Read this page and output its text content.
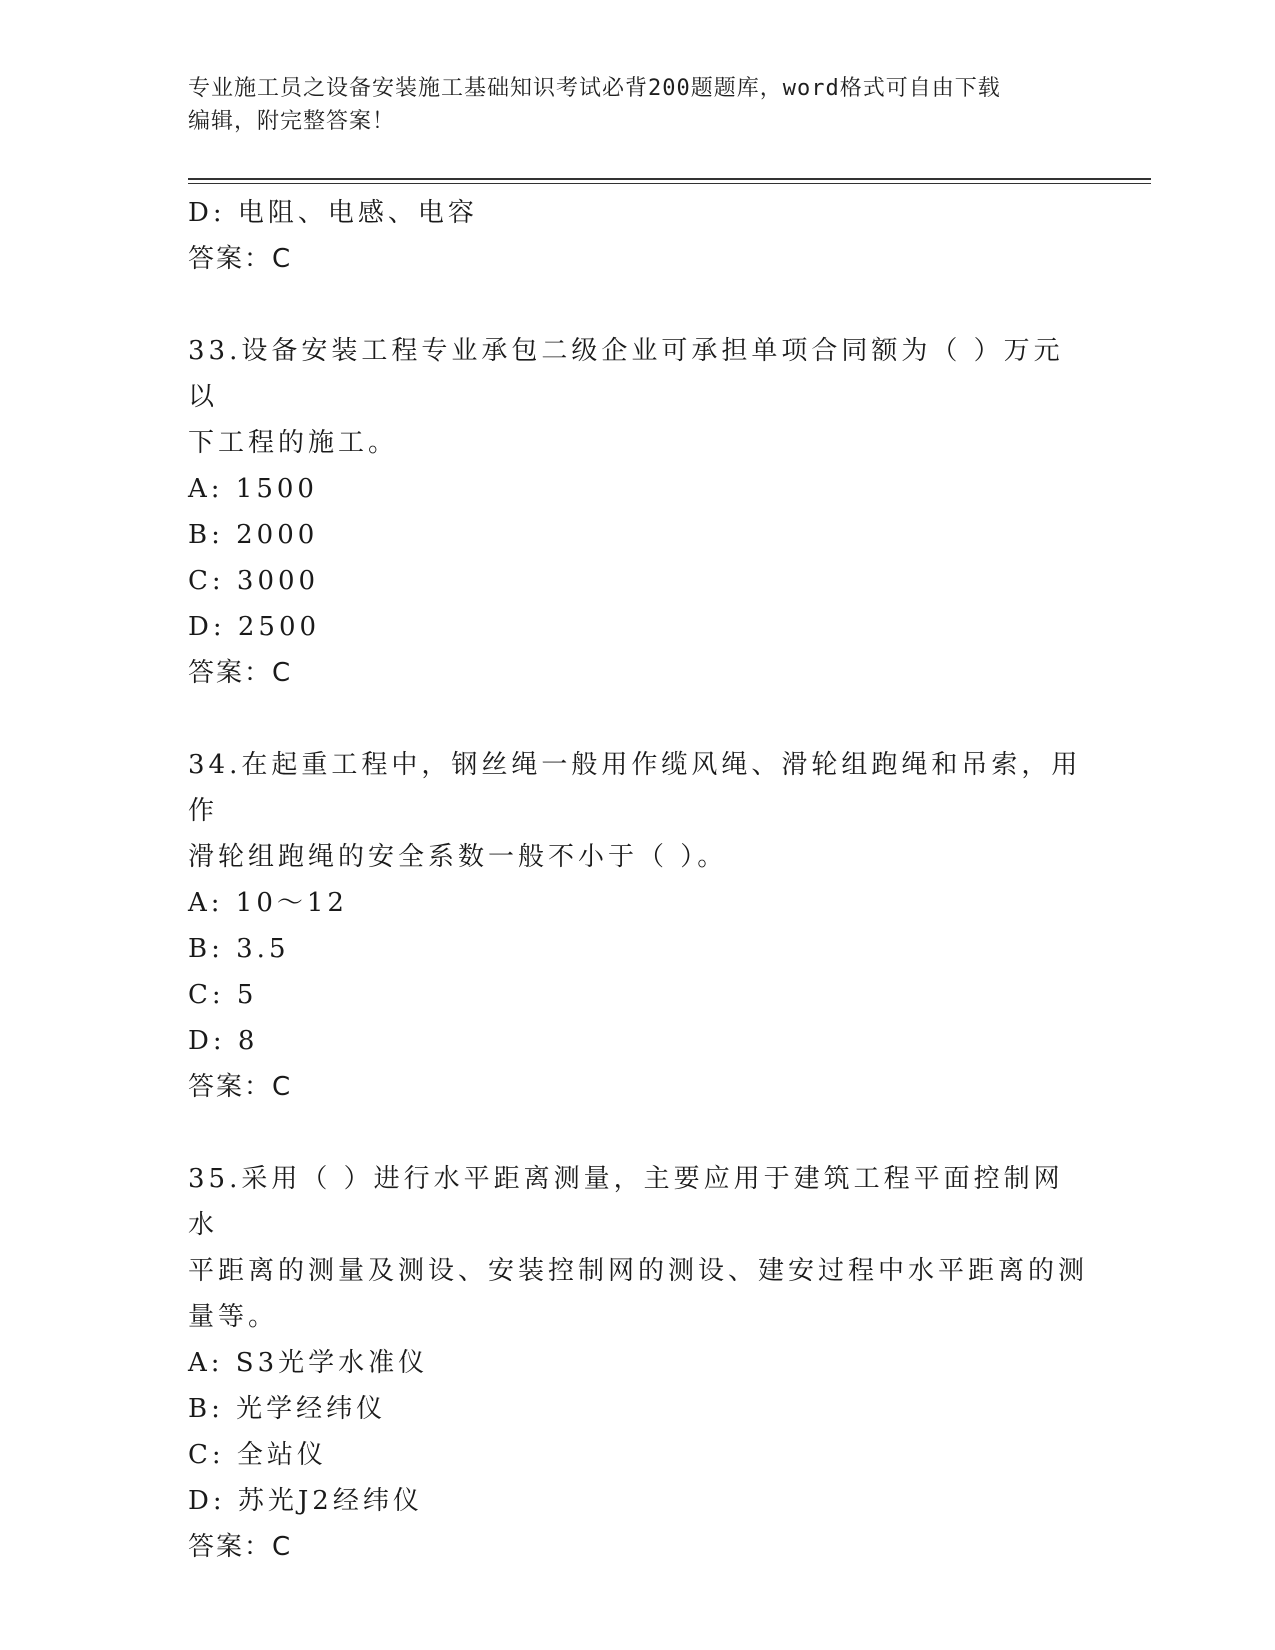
专业施工员之设备安装施工基础知识考试必背200题题库，word格式可自由下载
编辑，附完整答案！
D: 电阻、电感、电容
答案：C
33.设备安装工程专业承包二级企业可承担单项合同额为（ ）万元以
下工程的施工。
A: 1500
B: 2000
C: 3000
D: 2500
答案：C
34.在起重工程中，钢丝绳一般用作缆风绳、滑轮组跑绳和吊索，用作
滑轮组跑绳的安全系数一般不小于（ ）。
A: 10～12
B: 3.5
C: 5
D: 8
答案：C
35.采用（ ）进行水平距离测量，主要应用于建筑工程平面控制网水
平距离的测量及测设、安装控制网的测设、建安过程中水平距离的测
量等。
A: S3光学水准仪
B: 光学经纬仪
C: 全站仪
D: 苏光J2经纬仪
答案：C
